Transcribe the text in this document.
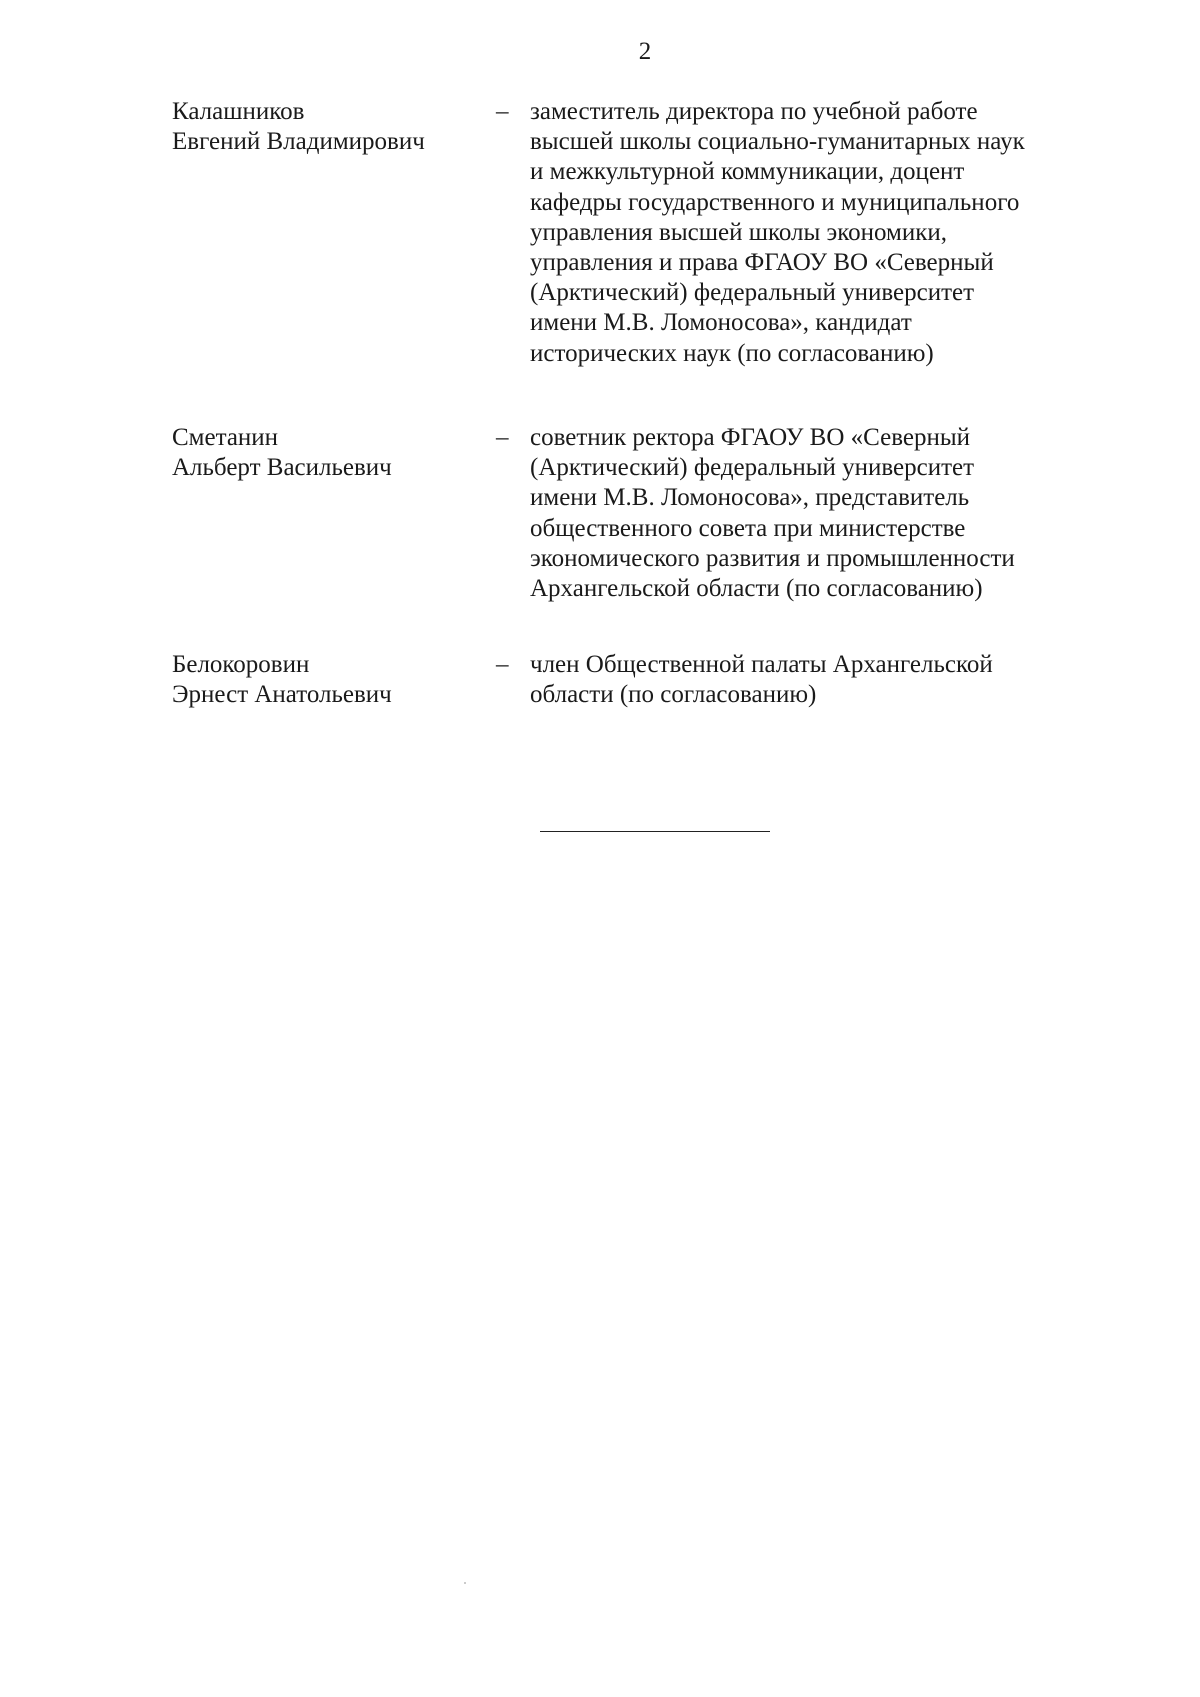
2
Калашников
Евгений Владимирович
– заместитель директора по учебной работе
высшей школы социально-гуманитарных наук
и межкультурной коммуникации, доцент
кафедры государственного и муниципального
управления высшей школы экономики,
управления и права ФГАОУ ВО «Северный
(Арктический) федеральный университет
имени М.В. Ломоносова», кандидат
исторических наук (по согласованию)
Сметанин
Альберт Васильевич
– советник ректора ФГАОУ ВО «Северный
(Арктический) федеральный университет
имени М.В. Ломоносова», представитель
общественного совета при министерстве
экономического развития и промышленности
Архангельской области (по согласованию)
Белокоровин
Эрнест Анатольевич
– член Общественной палаты Архангельской
области (по согласованию)
